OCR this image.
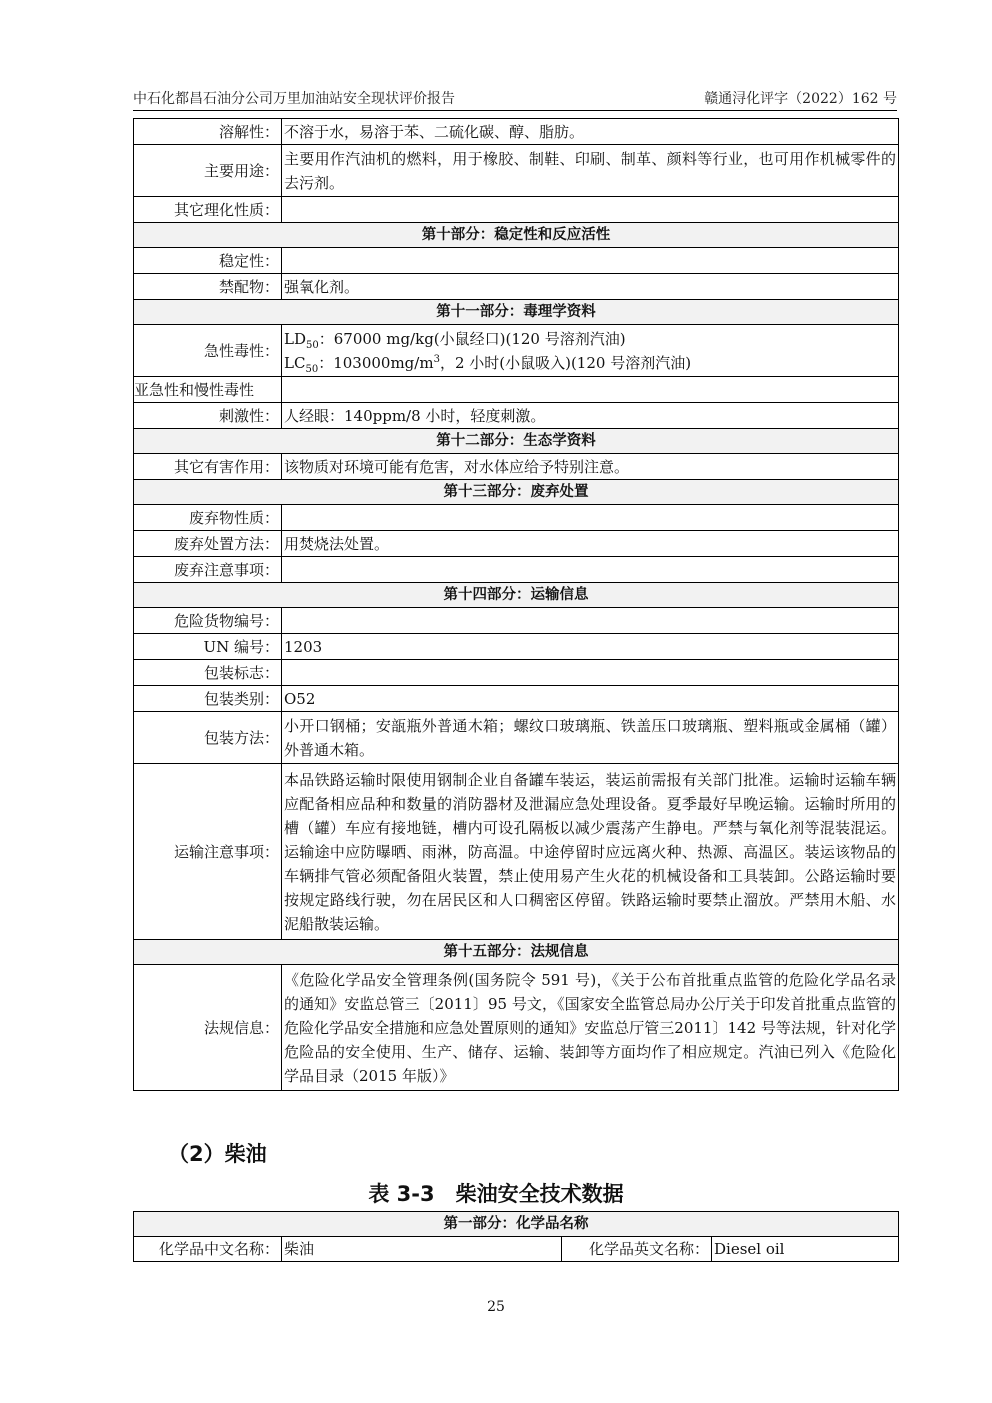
中石化都昌石油分公司万里加油站安全现状评价报告	赣通浔化评字（2022）162 号
溶解性：	不溶于水，易溶于苯、二硫化碳、醇、脂肪。
主要用途：	主要用作汽油机的燃料，用于橡胶、制鞋、印刷、制革、颜料等行业，也可用作机械零件的去污剂。
其它理化性质：	
第十部分：稳定性和反应活性	
稳定性：	
禁配物：	强氧化剂。
第十一部分：毒理学资料	
急性毒性：	$LD_{50}$：67000 mg/kg(小鼠经口)(120 号溶剂汽油)
$LC_{50}$：$103000mg/m^3$，2 小时(小鼠吸入)(120 号溶剂汽油)

亚急性和慢性毒性	
刺激性：	人经眼：140ppm/8 小时，轻度刺激。
第十二部分：生态学资料	
其它有害作用：	该物质对环境可能有危害，对水体应给予特别注意。
第十三部分：废弃处置	
废弃物性质：	
废弃处置方法：	用焚烧法处置。
废弃注意事项：	
第十四部分：运输信息	
危险货物编号：	
UN 编号：	1203
包装标志：	
包装类别：	O52
包装方法：	小开口钢桶；安瓿瓶外普通木箱；螺纹口玻璃瓶、铁盖压口玻璃瓶、塑料瓶或金属桶（罐）外普通木箱。
运输注意事项：	本品铁路运输时限使用钢制企业自备罐车装运，装运前需报有关部门批准。运输时运输车辆应配备相应品种和数量的消防器材及泄漏应急处理设备。夏季最好早晚运输。运输时所用的槽（罐）车应有接地链，槽内可设孔隔板以减少震荡产生静电。严禁与氧化剂等混装混运。运输途中应防曝晒、雨淋，防高温。中途停留时应远离火种、热源、高温区。装运该物品的车辆排气管必须配备阻火装置，禁止使用易产生火花的机械设备和工具装卸。公路运输时要按规定路线行驶，勿在居民区和人口稠密区停留。铁路运输时要禁止溜放。严禁用木船、水泥船散装运输。
第十五部分：法规信息	
法规信息：	《危险化学品安全管理条例(国务院令 591 号)，《关于公布首批重点监管的危险化学品名录的通知》安监总管三〔2011〕95 号文，《国家安全监管总局办公厅关于印发首批重点监管的危险化学品安全措施和应急处置原则的通知》安监总厅管三2011〕142 号等法规，针对化学危险品的安全使用、生产、储存、运输、装卸等方面均作了相应规定。汽油已列入《危险化学品目录（2015 年版）》
（2）柴油
表 3-3　柴油安全技术数据
第一部分：化学品名称
化学品中文名称：	柴油	化学品英文名称：	Diesel oil
25
